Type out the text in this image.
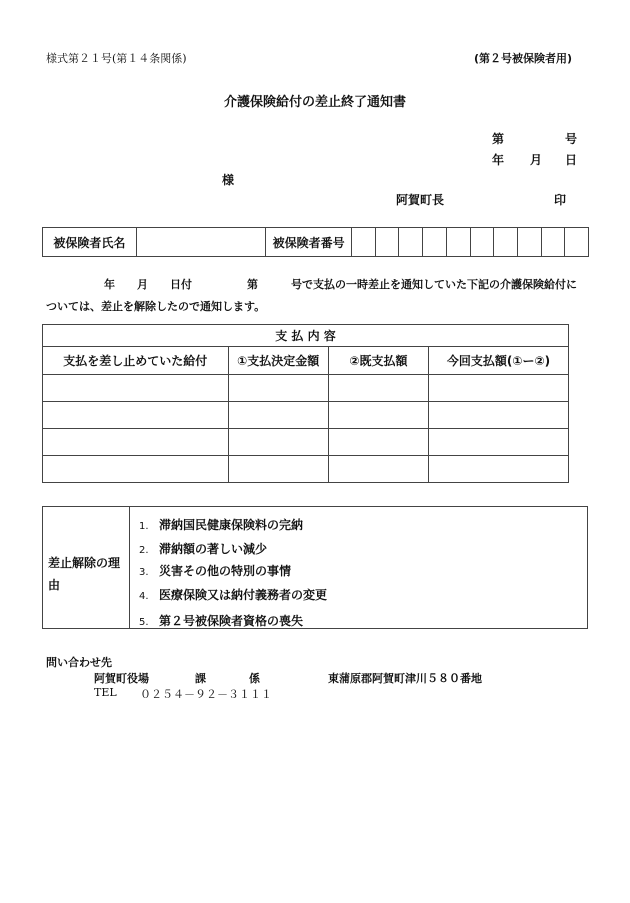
様式第２１号(第１４条関係)	(第２号被保険者用)
介護保険給付の差止終了通知書
第	号
年 月 日
様
阿賀町長	印
被保険者氏名		被保険者番号										
年　　月　　日付　　　　　第　　　号で支払の一時差止を通知していた下記の介護保険給付に
ついては、差止を解除したので通知します。
支 払 内 容			
支払を差し止めていた給付	①支払決定金額	②既支払額	今回支払額(①ー②)

差止解除の理由
1. 滞納国民健康保険料の完納
2. 滞納額の著しい減少
3. 災害その他の特別の事情
4. 医療保険又は納付義務者の変更
5. 第２号被保険者資格の喪失
問い合わせ先
阿賀町役場	課	係	東蒲原郡阿賀町津川５８０番地
TEL ０２５４－９２－３１１１
